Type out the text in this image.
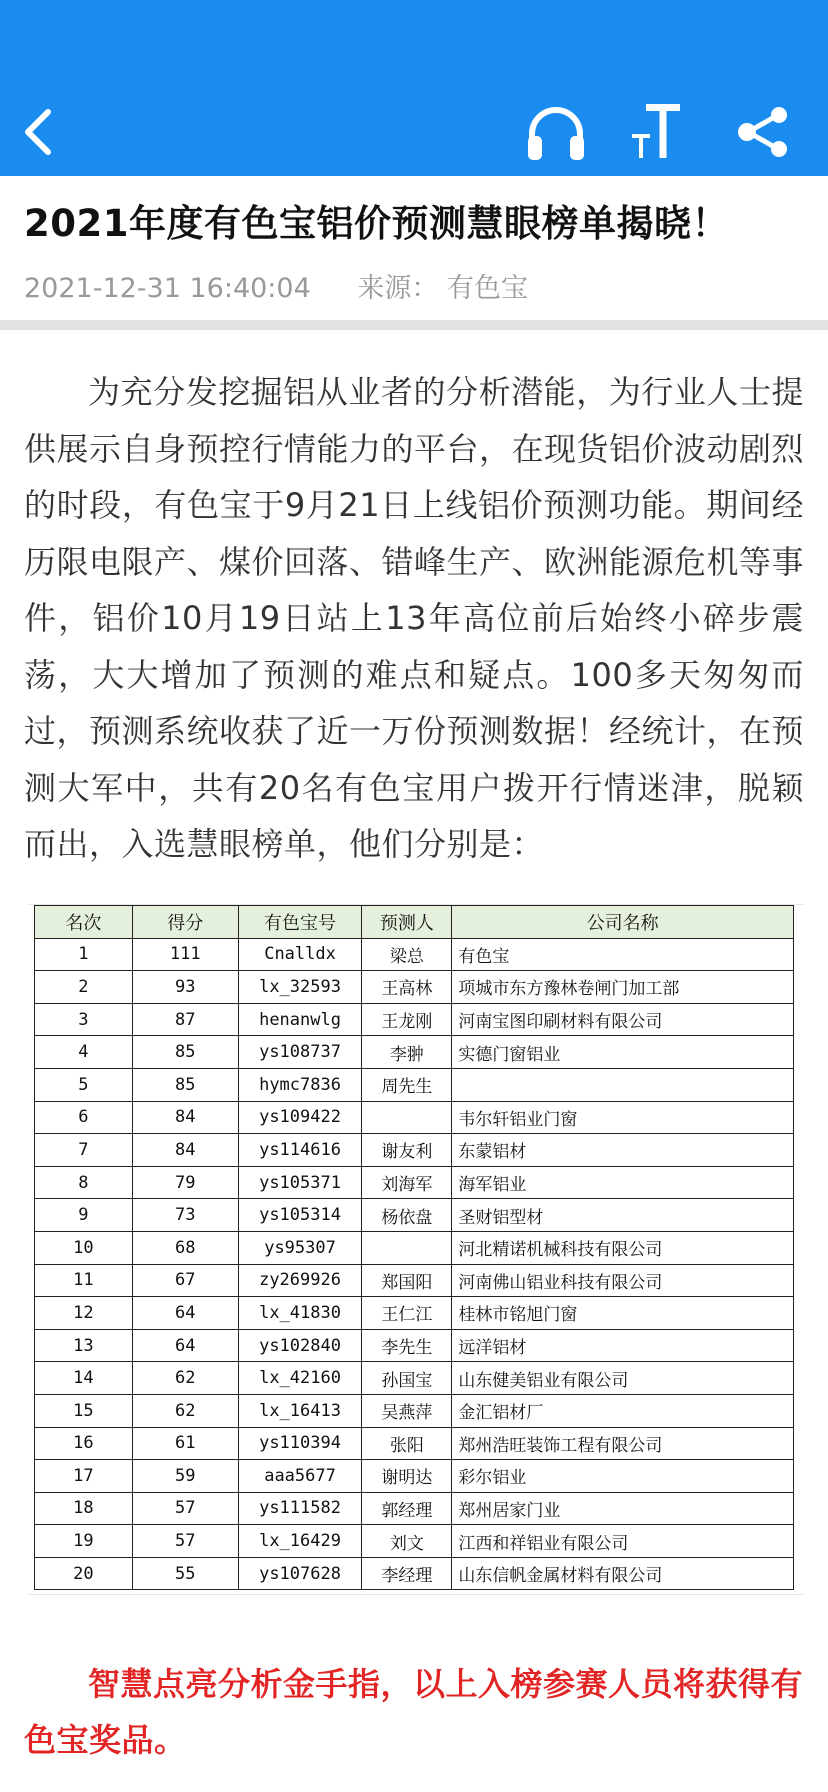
2021年度有色宝铝价预测慧眼榜单揭晓！
2021-12-31 16:40:04 来源： 有色宝

为充分发挖掘铝从业者的分析潜能，为行业人士提供展示自身预控行情能力的平台，在现货铝价波动剧烈的时段，有色宝于9月21日上线铝价预测功能。期间经历限电限产、煤价回落、错峰生产、欧洲能源危机等事件，铝价10月19日站上13年高位前后始终小碎步震荡，大大增加了预测的难点和疑点。100多天匆匆而过，预测系统收获了近一万份预测数据！经统计，在预测大军中，共有20名有色宝用户拨开行情迷津，脱颖而出，入选慧眼榜单，他们分别是：

名次	得分	有色宝号	预测人	公司名称
1	111	Cnalldx	梁总	有色宝
2	93	lx_32593	王高林	项城市东方豫林卷闸门加工部
3	87	henanwlg	王龙刚	河南宝图印刷材料有限公司
4	85	ys108737	李翀	实德门窗铝业
5	85	hymc7836	周先生	
6	84	ys109422		韦尔轩铝业门窗
7	84	ys114616	谢友利	东蒙铝材
8	79	ys105371	刘海军	海军铝业
9	73	ys105314	杨依盘	圣财铝型材
10	68	ys95307		河北精诺机械科技有限公司
11	67	zy269926	郑国阳	河南佛山铝业科技有限公司
12	64	lx_41830	王仁江	桂林市铭旭门窗
13	64	ys102840	李先生	远洋铝材
14	62	lx_42160	孙国宝	山东健美铝业有限公司
15	62	lx_16413	吴燕萍	金汇铝材厂
16	61	ys110394	张阳	郑州浩旺装饰工程有限公司
17	59	aaa5677	谢明达	彩尔铝业
18	57	ys111582	郭经理	郑州居家门业
19	57	lx_16429	刘文	江西和祥铝业有限公司
20	55	ys107628	李经理	山东信帆金属材料有限公司

智慧点亮分析金手指，以上入榜参赛人员将获得有色宝奖品。
